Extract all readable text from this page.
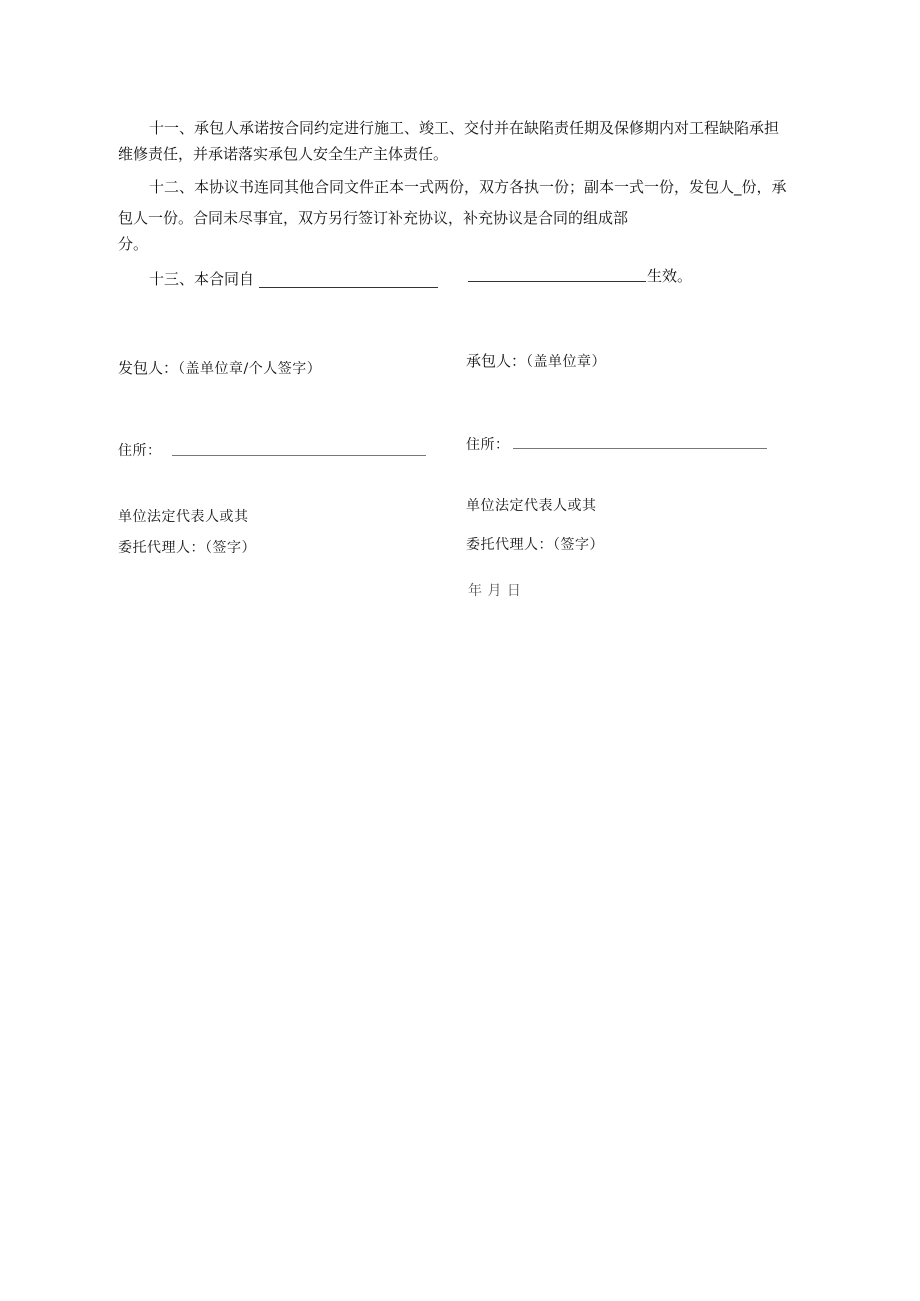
十一、承包人承诺按合同约定进行施工、竣工、交付并在缺陷责任期及保修期内对工程缺陷承担
维修责任，并承诺落实承包人安全生产主体责任。
十二、本协议书连同其他合同文件正本一式两份，双方各执一份；副本一式一份，发包人_份，承
包人一份。合同未尽事宜，双方另行签订补充协议，补充协议是合同的组成部
分。
十三、本合同自	生效。
发包人：（盖单位章/个人签字）
住所：
单位法定代表人或其
委托代理人：（签字）
承包人：（盖单位章）
住所：
单位法定代表人或其
委托代理人：（签字）
年 月 日
